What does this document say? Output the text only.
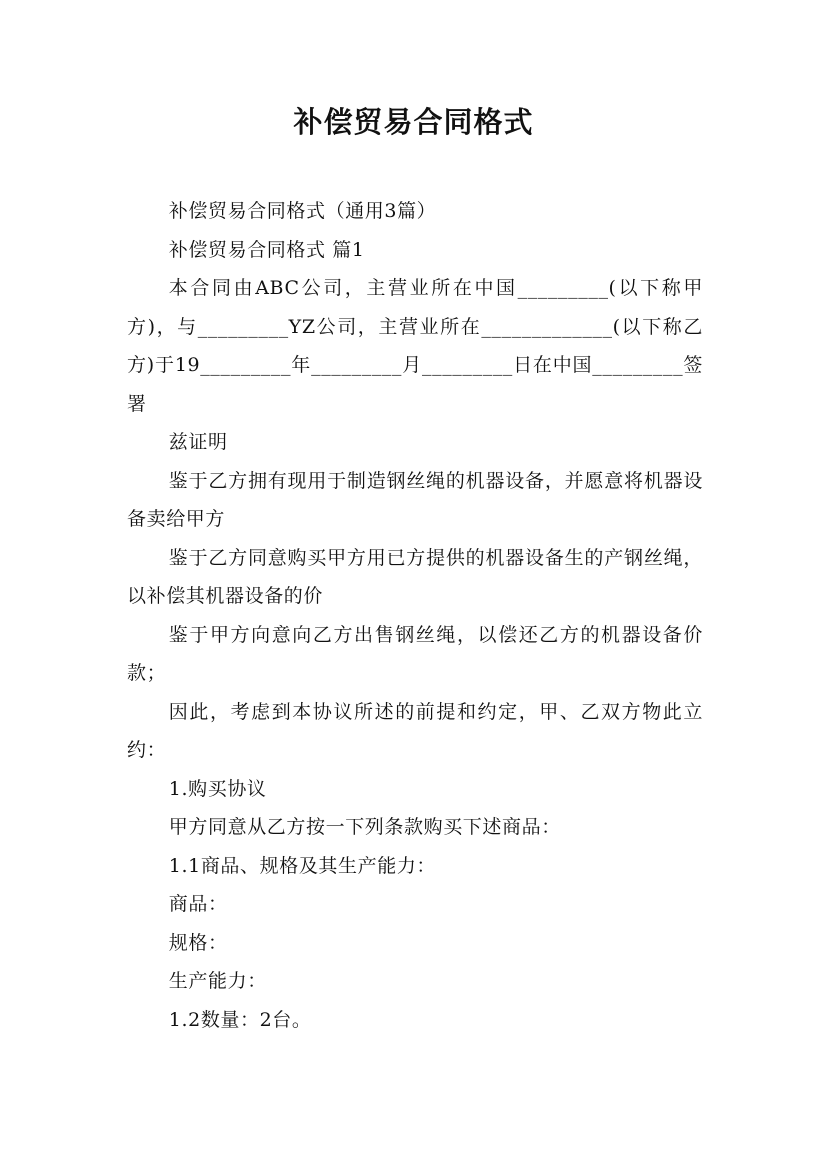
补偿贸易合同格式

补偿贸易合同格式（通用3篇）

补偿贸易合同格式 篇1

本合同由ABC公司，主营业所在中国_________(以下称甲方)，与_________YZ公司，主营业所在_____________(以下称乙方)于19_________年_________月_________日在中国_________签署

兹证明

鉴于乙方拥有现用于制造钢丝绳的机器设备，并愿意将机器设备卖给甲方

鉴于乙方同意购买甲方用已方提供的机器设备生的产钢丝绳，以补偿其机器设备的价

鉴于甲方向意向乙方出售钢丝绳，以偿还乙方的机器设备价款；

因此，考虑到本协议所述的前提和约定，甲、乙双方物此立约：

1.购买协议

甲方同意从乙方按一下列条款购买下述商品：

1.1商品、规格及其生产能力：

商品：

规格：

生产能力：

1.2数量：2台。
